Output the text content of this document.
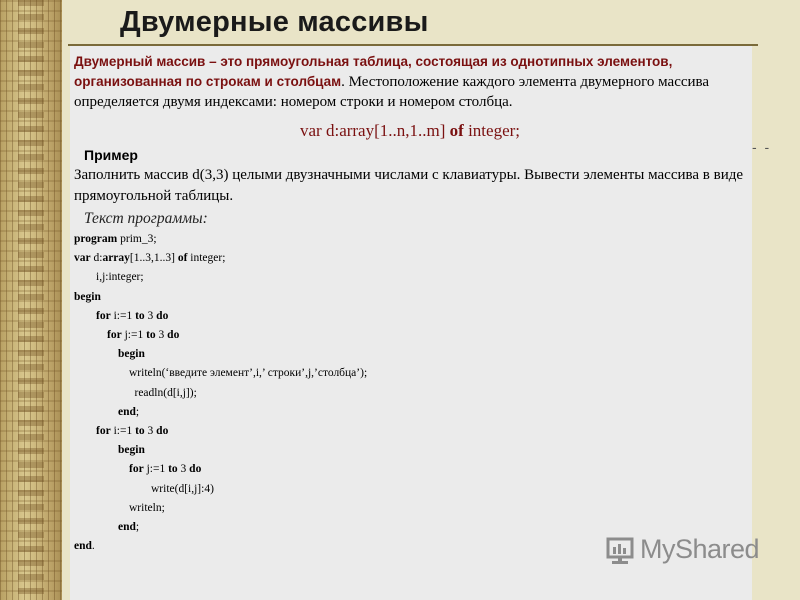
Двумерные массивы

Двумерный массив – это прямоугольная таблица, состоящая из однотипных элементов, организованная по строкам и столбцам. Местоположение каждого элемента двумерного массива определяется двумя индексами: номером строки и номером столбца.

var d:array[1..n,1..m] of integer;
Пример

Заполнить массив d(3,3) целыми двузначными числами с клавиатуры. Вывести элементы массива в виде прямоугольной таблицы.

Текст программы:
program prim_3;
var d:array[1..3,1..3] of integer;
i,j:integer;
begin
for i:=1 to 3 do
for j:=1 to 3 do
begin
writeln(‘введите элемент’,i,’ строки’,j,’столбца’);
readln(d[i,j]);
end;
for i:=1 to 3 do
begin
for j:=1 to 3 do
write(d[i,j]:4)
writeln;
end;
end.
- -
MyShared
